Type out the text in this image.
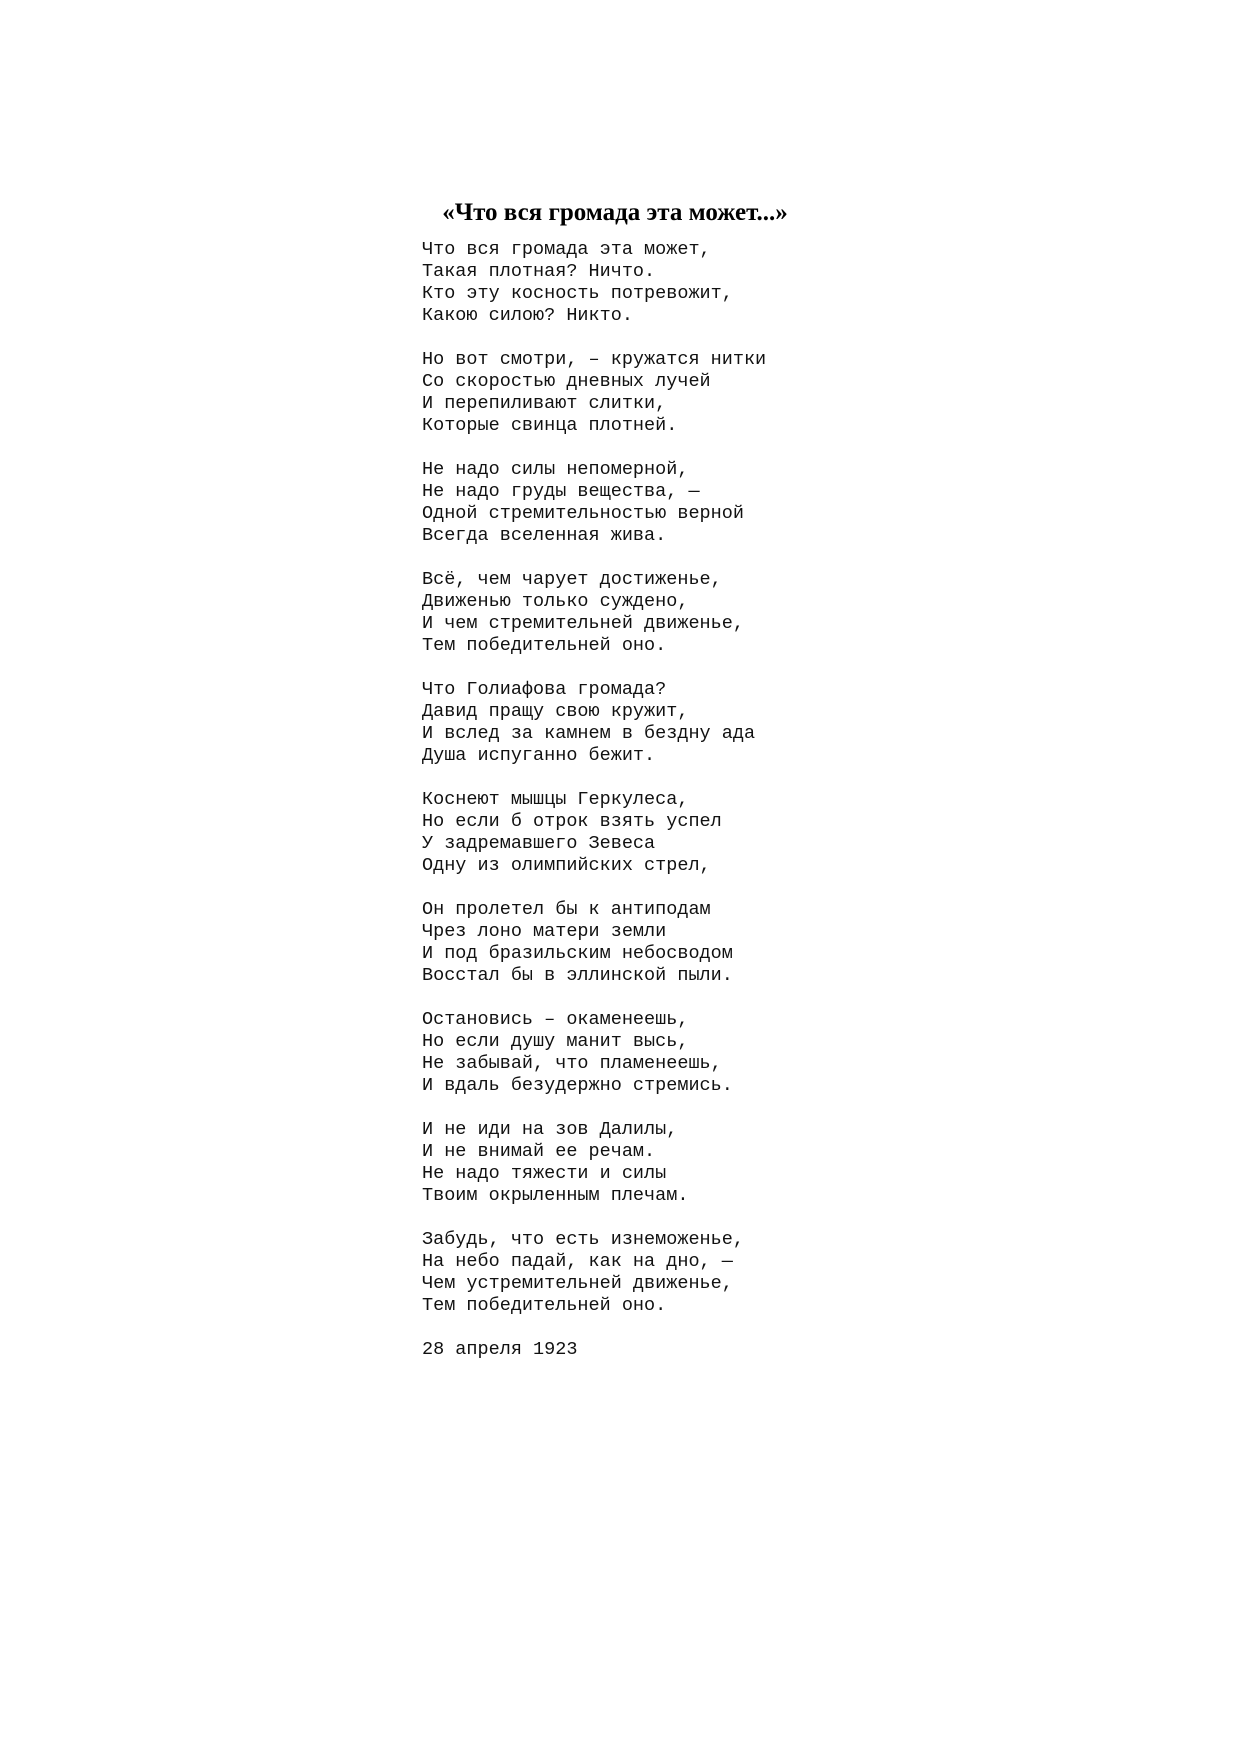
«Что вся громада эта может...»
Что вся громада эта может,
Такая плотная? Ничто.
Кто эту косность потревожит,
Какою силою? Никто.
Но вот смотри, – кружатся нитки
Со скоростью дневных лучей
И перепиливают слитки,
Которые свинца плотней.
Не надо силы непомерной,
Не надо груды вещества, —
Одной стремительностью верной
Всегда вселенная жива.
Всё, чем чарует достиженье,
Движенью только суждено,
И чем стремительней движенье,
Тем победительней оно.
Что Голиафова громада?
Давид пращу свою кружит,
И вслед за камнем в бездну ада
Душа испуганно бежит.
Коснеют мышцы Геркулеса,
Но если б отрок взять успел
У задремавшего Зевеса
Одну из олимпийских стрел,
Он пролетел бы к антиподам
Чрез лоно матери земли
И под бразильским небосводом
Восстал бы в эллинской пыли.
Остановись – окаменеешь,
Но если душу манит высь,
Не забывай, что пламенеешь,
И вдаль безудержно стремись.
И не иди на зов Далилы,
И не внимай ее речам.
Не надо тяжести и силы
Твоим окрыленным плечам.
Забудь, что есть изнеможенье,
На небо падай, как на дно, —
Чем устремительней движенье,
Тем победительней оно.
28 апреля 1923
